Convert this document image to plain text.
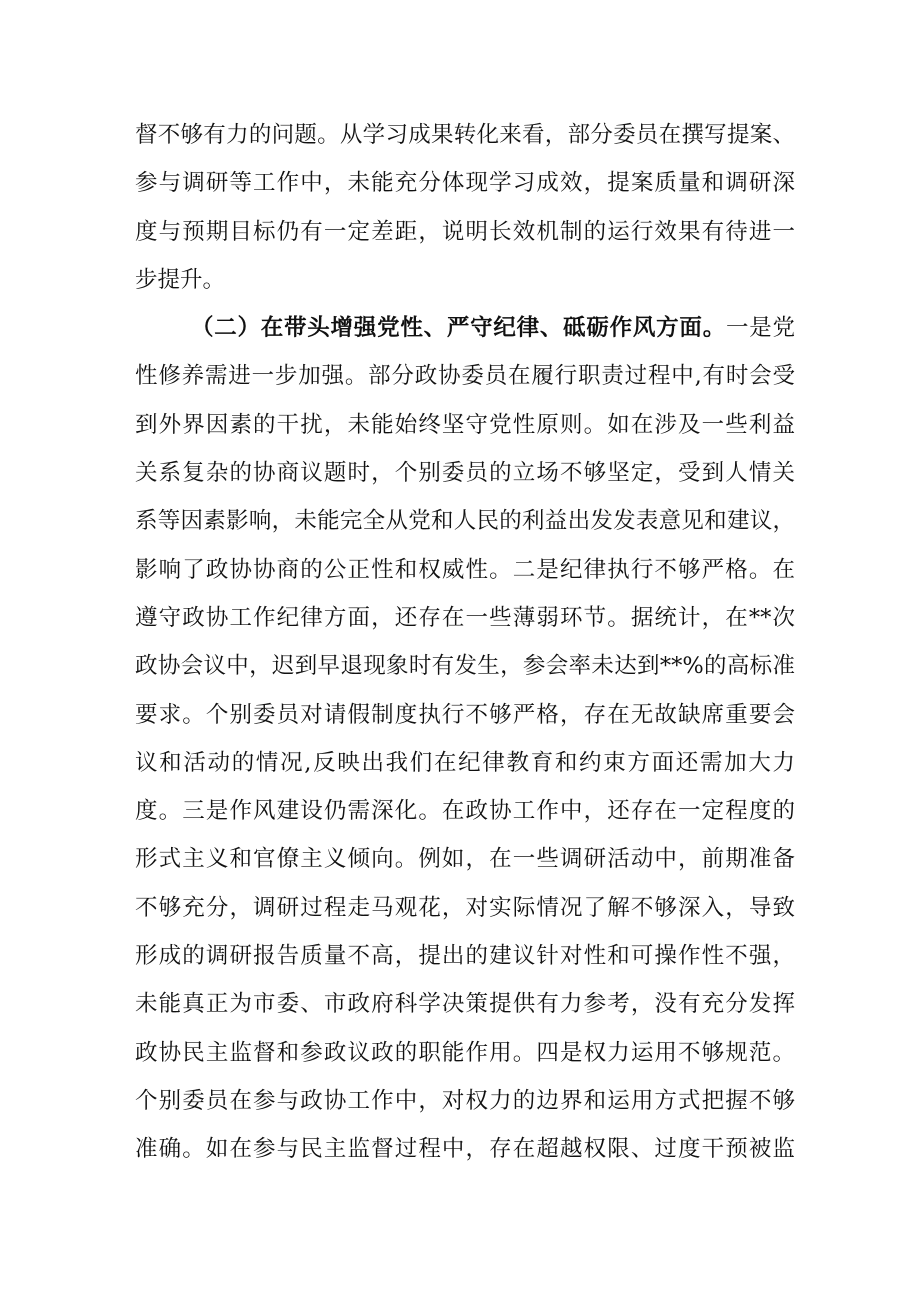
督不够有力的问题。从学习成果转化来看，部分委员在撰写提案、
参与调研等工作中，未能充分体现学习成效，提案质量和调研深
度与预期目标仍有一定差距，说明长效机制的运行效果有待进一
步提升。
（二）在带头增强党性、严守纪律、砥砺作风方面。一是党
性修养需进一步加强。部分政协委员在履行职责过程中,有时会受
到外界因素的干扰，未能始终坚守党性原则。如在涉及一些利益
关系复杂的协商议题时，个别委员的立场不够坚定，受到人情关
系等因素影响，未能完全从党和人民的利益出发发表意见和建议，
影响了政协协商的公正性和权威性。二是纪律执行不够严格。在
遵守政协工作纪律方面，还存在一些薄弱环节。据统计，在**次
政协会议中，迟到早退现象时有发生，参会率未达到**%的高标准
要求。个别委员对请假制度执行不够严格，存在无故缺席重要会
议和活动的情况,反映出我们在纪律教育和约束方面还需加大力
度。三是作风建设仍需深化。在政协工作中，还存在一定程度的
形式主义和官僚主义倾向。例如，在一些调研活动中，前期准备
不够充分，调研过程走马观花，对实际情况了解不够深入，导致
形成的调研报告质量不高，提出的建议针对性和可操作性不强，
未能真正为市委、市政府科学决策提供有力参考，没有充分发挥
政协民主监督和参政议政的职能作用。四是权力运用不够规范。
个别委员在参与政协工作中，对权力的边界和运用方式把握不够
准确。如在参与民主监督过程中，存在超越权限、过度干预被监
